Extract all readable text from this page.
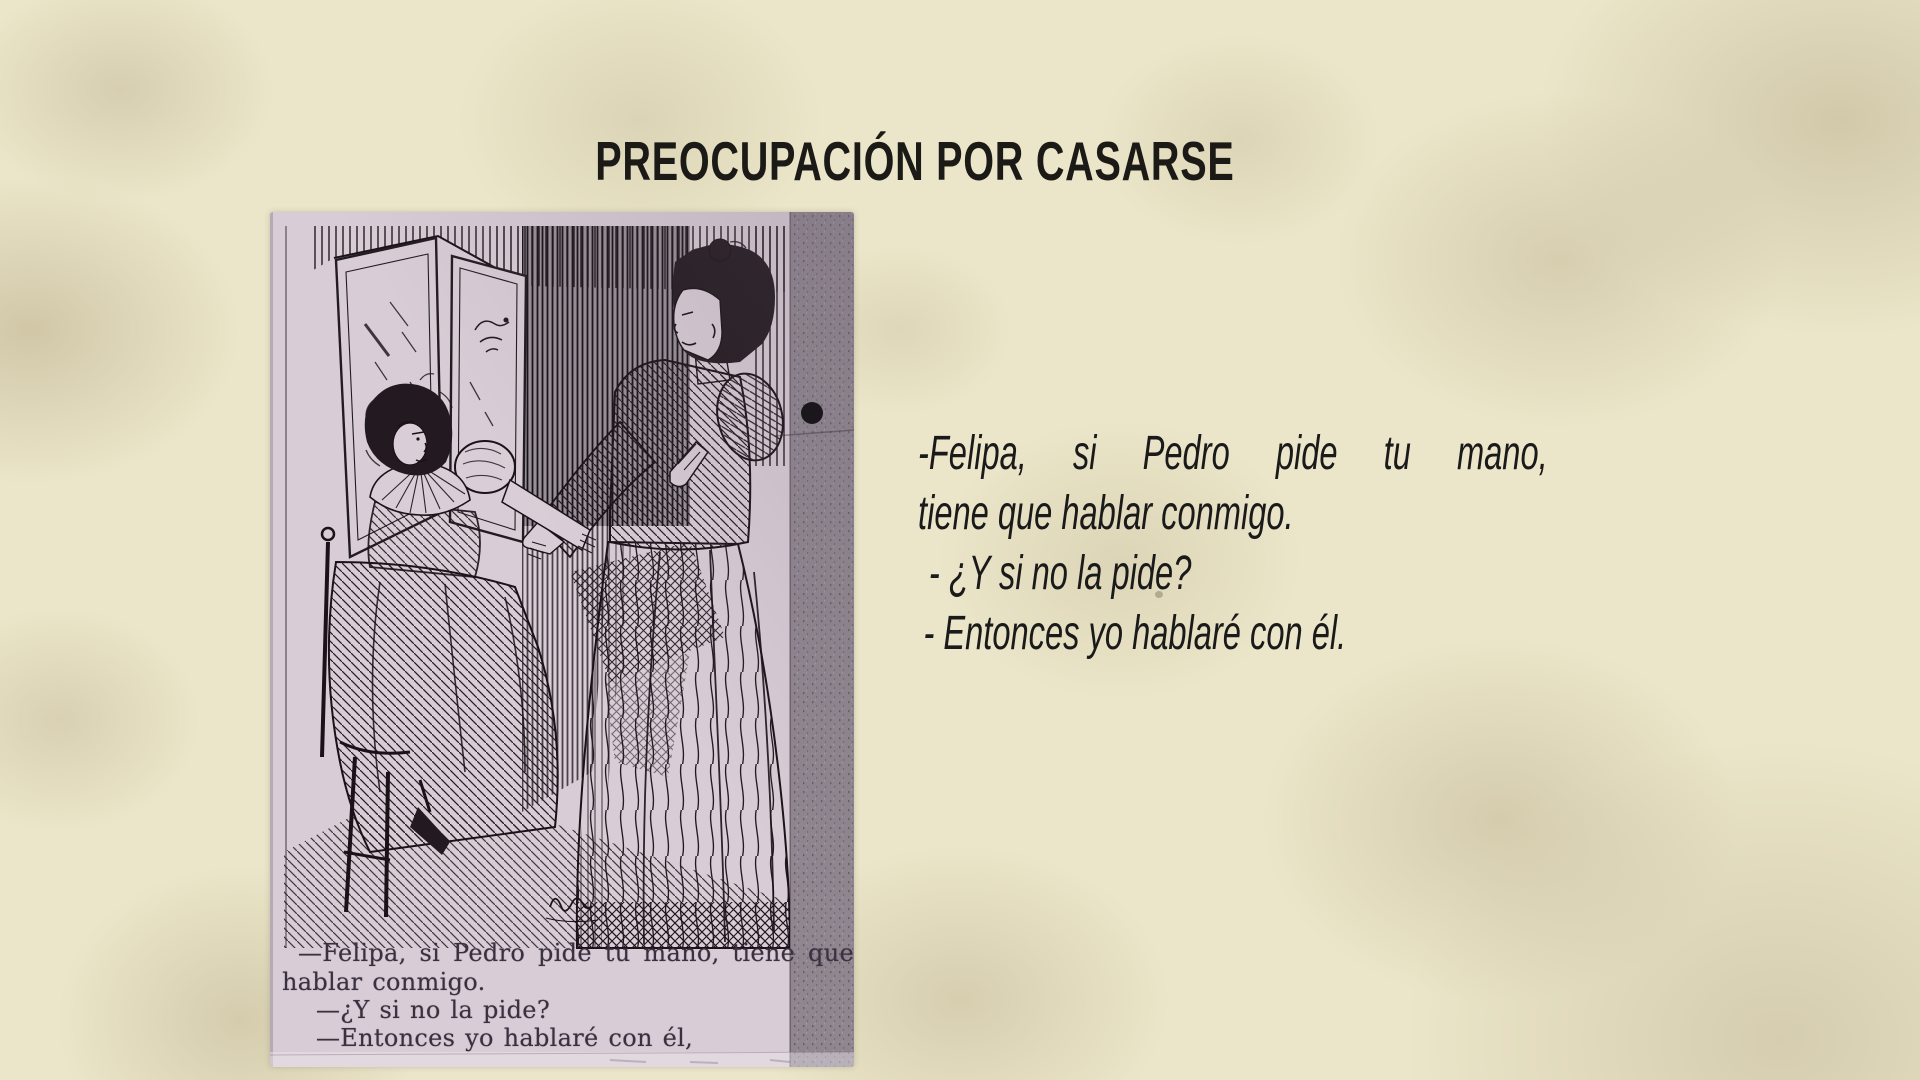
PREOCUPACIÓN POR CASARSE
—Felipa, si Pedro pide tu mano, tiene que
hablar conmigo.
—¿Y si no la pide?
—Entonces yo hablaré con él,
-Felipa, si Pedro pide tu mano,
tiene que hablar conmigo.
- ¿Y si no la pide?
- Entonces yo hablaré con él.
